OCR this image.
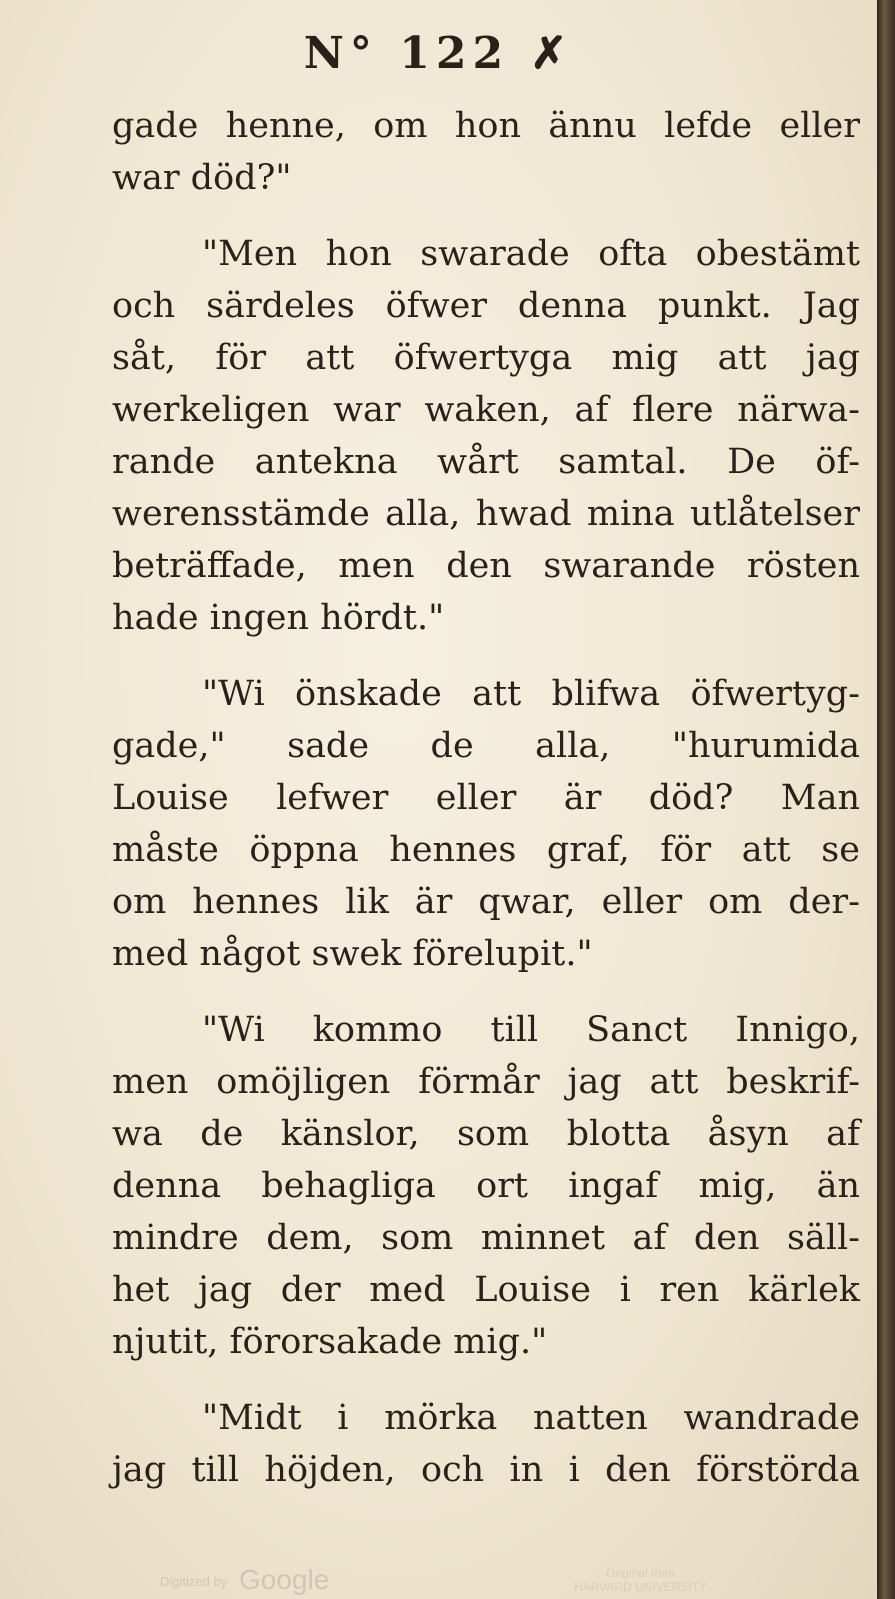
N° 122 ✗

gade henne, om hon ännu lefde eller
war död?"

"Men hon swarade ofta obestämt
och särdeles öfwer denna punkt. Jag
såt, för att öfwertyga mig att jag
werkeligen war waken, af flere närwa-
rande antekna wårt samtal. De öf-
werensstämde alla, hwad mina utlåtelser
beträffade, men den swarande rösten
hade ingen hördt."

"Wi önskade att blifwa öfwertyg-
gade," sade de alla, "hurumida
Louise lefwer eller är död? Man
måste öppna hennes graf, för att se
om hennes lik är qwar, eller om der-
med något swek förelupit."

"Wi kommo till Sanct Innigo,
men omöjligen förmår jag att beskrif-
wa de känslor, som blotta åsyn af
denna behagliga ort ingaf mig, än
mindre dem, som minnet af den säll-
het jag der med Louise i ren kärlek
njutit, förorsakade mig."

"Midt i mörka natten wandrade
jag till höjden, och in i den förstörda

Digitized by Google	Original from
HARVARD UNIVERSITY
